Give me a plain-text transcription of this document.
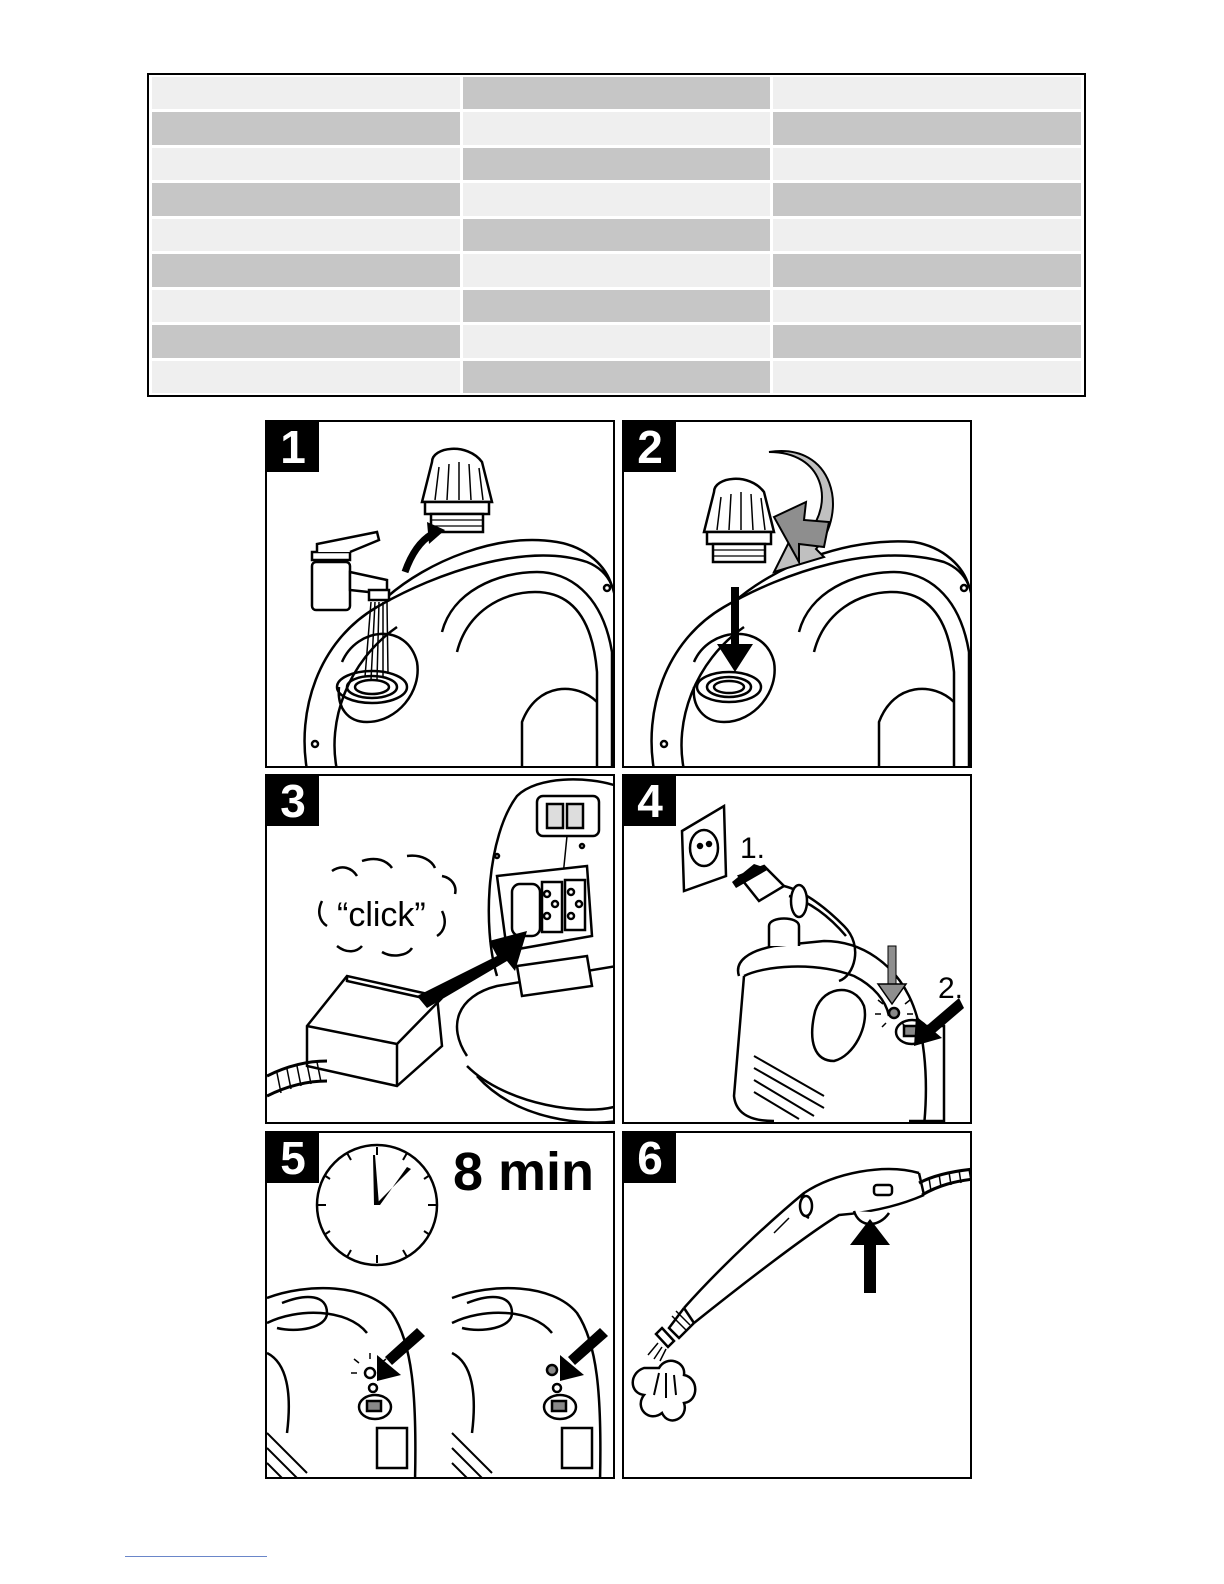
1	2
3
“click”
4
1.
2.
5	8 min 6
